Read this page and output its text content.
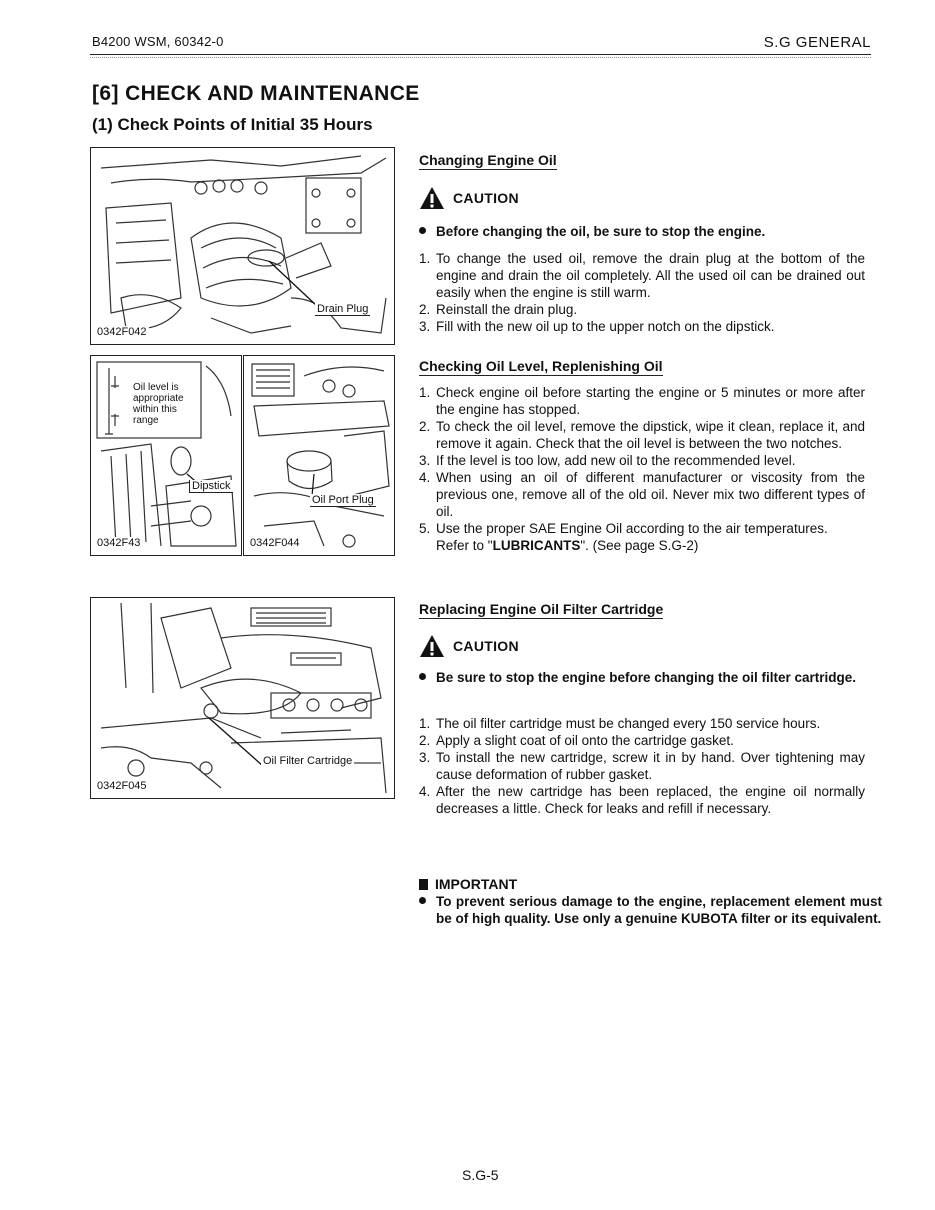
B4200 WSM, 60342-0	S.G GENERAL
[6] CHECK AND MAINTENANCE
(1) Check Points of Initial 35 Hours
Drain Plug
0342F042
Oil level is
appropriate
within this
range
Dipstick
0342F43
Oil Port Plug
0342F044
Oil Filter Cartridge
0342F045
Changing Engine Oil
CAUTION
Before changing the oil, be sure to stop the engine.
1. To change the used oil, remove the drain plug at the bottom of the engine and drain the oil completely. All the used oil can be drained out easily when the engine is still warm.
2. Reinstall the drain plug.
3. Fill with the new oil up to the upper notch on the dipstick.
Checking Oil Level, Replenishing Oil
1. Check engine oil before starting the engine or 5 minutes or more after the engine has stopped.
2. To check the oil level, remove the dipstick, wipe it clean, replace it, and remove it again. Check that the oil level is between the two notches.
3. If the level is too low, add new oil to the recommended level.
4. When using an oil of different manufacturer or viscosity from the previous one, remove all of the old oil. Never mix two different types of oil.
5. Use the proper SAE Engine Oil according to the air temperatures.
Refer to "LUBRICANTS". (See page S.G-2)
Replacing Engine Oil Filter Cartridge
CAUTION
Be sure to stop the engine before changing the oil filter cartridge.
1. The oil filter cartridge must be changed every 150 service hours.
2. Apply a slight coat of oil onto the cartridge gasket.
3. To install the new cartridge, screw it in by hand. Over tightening may cause deformation of rubber gasket.
4. After the new cartridge has been replaced, the engine oil normally decreases a little. Check for leaks and refill if necessary.
IMPORTANT
To prevent serious damage to the engine, replacement element must be of high quality. Use only a genuine KUBOTA filter or its equivalent.
S.G-5
